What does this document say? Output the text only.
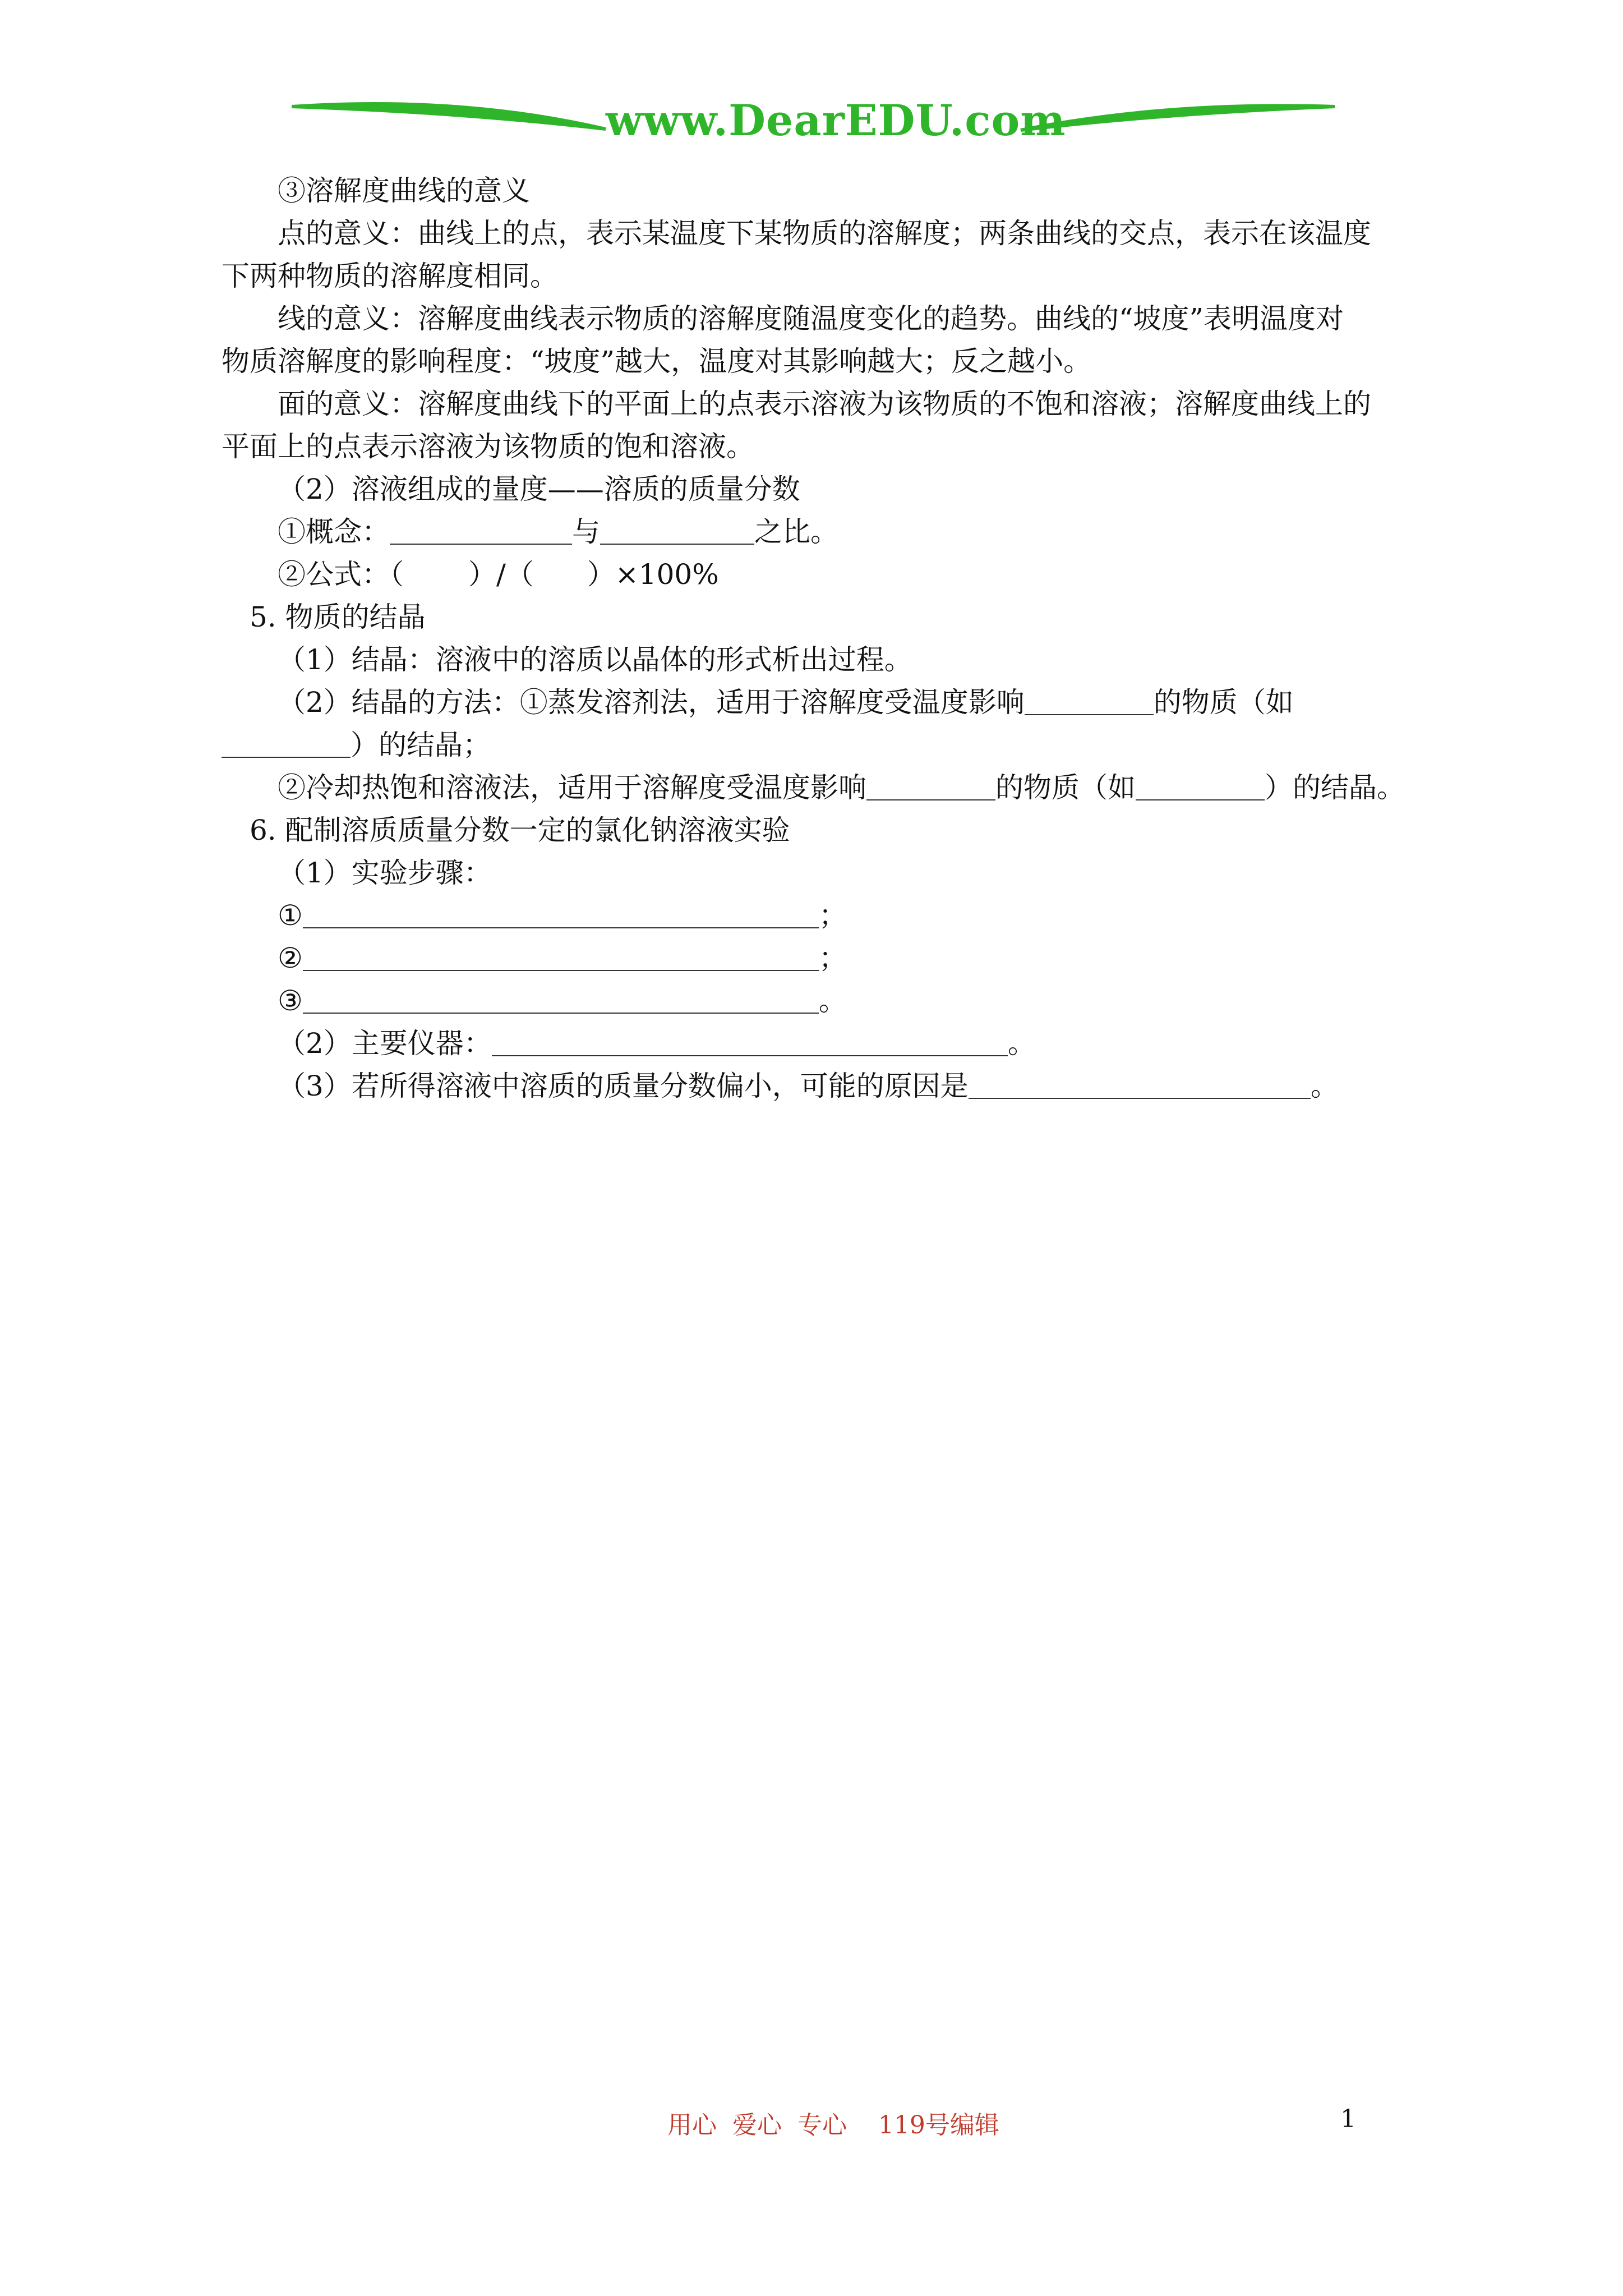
www.DearEDU.com
③溶解度曲线的意义
点的意义：曲线上的点，表示某温度下某物质的溶解度；两条曲线的交点，表示在该温度
下两种物质的溶解度相同。
线的意义：溶解度曲线表示物质的溶解度随温度变化的趋势。曲线的“坡度”表明温度对
物质溶解度的影响程度：“坡度”越大，温度对其影响越大；反之越小。
面的意义：溶解度曲线下的平面上的点表示溶液为该物质的不饱和溶液；溶解度曲线上的
平面上的点表示溶液为该物质的饱和溶液。
（2）溶液组成的量度——溶质的质量分数
①概念：	与	之比。
②公式：（ ）/（ ）×100%
5. 物质的结晶
（1）结晶：溶液中的溶质以晶体的形式析出过程。
（2）结晶的方法：①蒸发溶剂法，适用于溶解度受温度影响	的物质（如
）的结晶；
②冷却热饱和溶液法，适用于溶解度受温度影响	的物质（如	）的结晶。
6. 配制溶质质量分数一定的氯化钠溶液实验
（1）实验步骤：
①	；
②	；
③	。
（2）主要仪器：	。
（3）若所得溶液中溶质的质量分数偏小，可能的原因是	。
用心  爱心  专心    119号编辑	1
